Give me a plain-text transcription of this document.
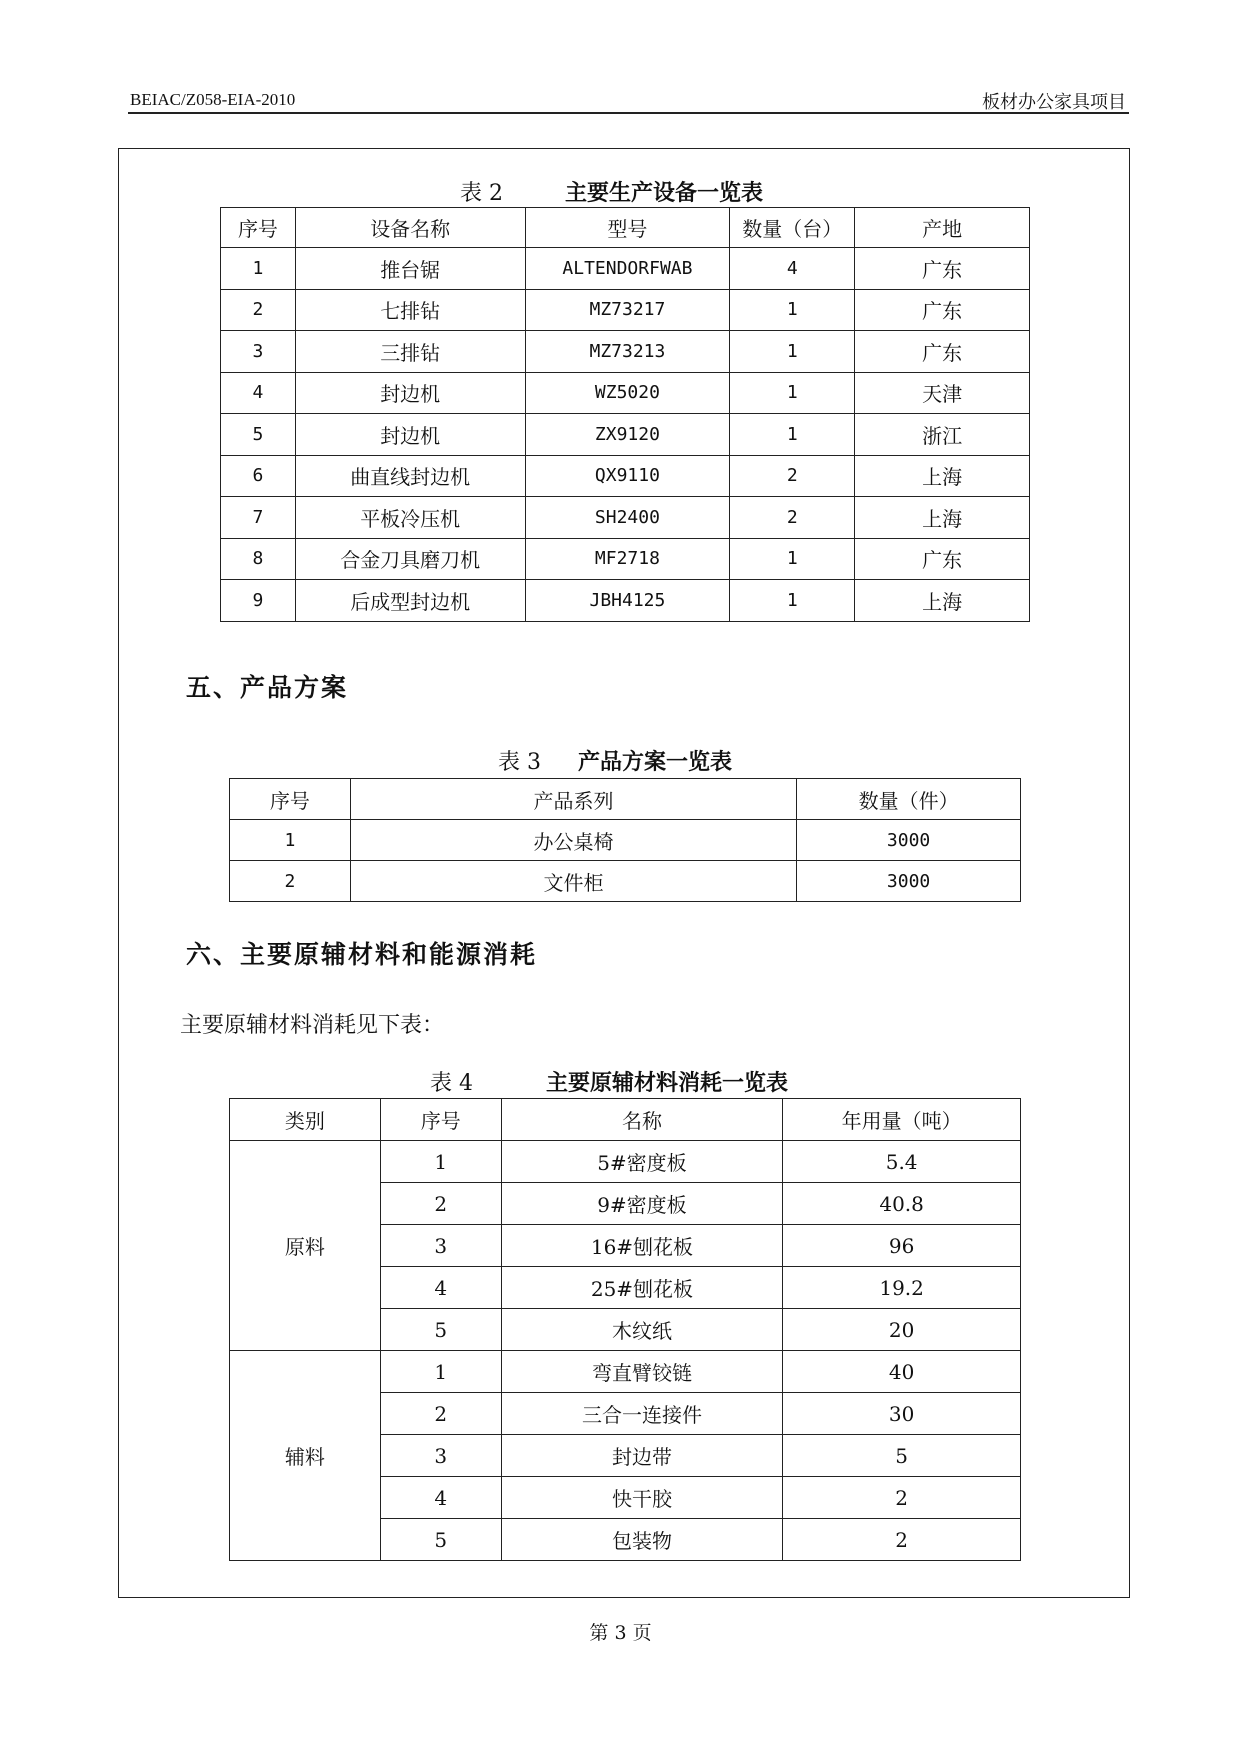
BEIAC/Z058-EIA-2010	板材办公家具项目
表 2	主要生产设备一览表
序号	设备名称	型号	数量（台）	产地
1	推台锯	ALTENDORFWAB	4	广东
2	七排钻	MZ73217	1	广东
3	三排钻	MZ73213	1	广东
4	封边机	WZ5020	1	天津
5	封边机	ZX9120	1	浙江
6	曲直线封边机	QX9110	2	上海
7	平板冷压机	SH2400	2	上海
8	合金刀具磨刀机	MF2718	1	广东
9	后成型封边机	JBH4125	1	上海
五、产品方案
表 3	产品方案一览表
序号	产品系列	数量（件）
1	办公桌椅	3000
2	文件柜	3000
六、主要原辅材料和能源消耗
主要原辅材料消耗见下表：
表 4	主要原辅材料消耗一览表
类别	序号	名称	年用量（吨）
原料	1	5#密度板	5.4
	2	9#密度板	40.8
	3	16#刨花板	96
	4	25#刨花板	19.2
	5	木纹纸	20
辅料	1	弯直臂铰链	40
	2	三合一连接件	30
	3	封边带	5
	4	快干胶	2
	5	包装物	2
第 3 页
